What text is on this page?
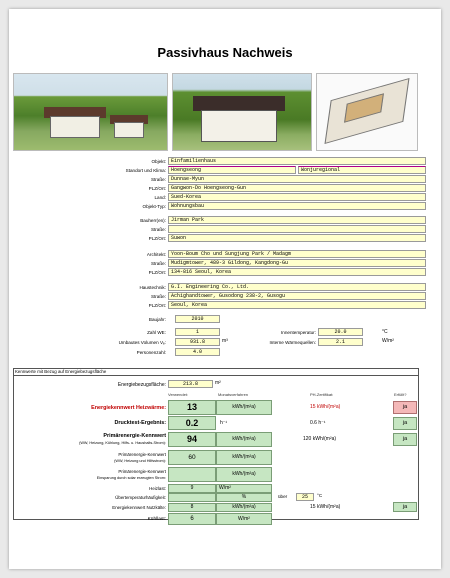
Passivhaus Nachweis
Objekt:	Einfamilienhaus
Standort und Klima:	Hoengseong	Wonjuregional
Straße:	Dunnae-Myun
PLZ/Ort:	Gangwon-Do Hoengseong-Gun
Land:	Sued-Korea
Objekt-Typ:	Wohnungsbau
Bauherr(en):	Jirman Park
Straße:
PLZ/Ort:	Suwon
Architekt:	Yoon-Boum Cho und Sungjung Park / Madagm
Straße:	Mudigmtower, 489-3 Gildong, Kangdong-Gu
PLZ/Ort:	134-816 Seoul, Korea
Haustechnik:	G.I. Engineering Co., Ltd.
Straße:	Achighandtower, Gusodong 238-2, Gusogu
PLZ/Ort:	Seoul, Korea
Baujahr:	2010
Zahl WE:	1	Innentemperatur:	20.0	°C
Umbautes Volumen Vₑ:	931.8	m³	Interne Wärmequellen:	2.1	W/m²
Personenzahl:	4.0
Kennwerte mit Bezug auf Energiebezugsfläche
Energiebezugsfläche:	213.8	m²
Verwendet:	Monatsverfahren	PH-Zertifikat:	Erfüllt?
Energiekennwert Heizwärme:	13	kWh/(m²a)	15 kWh/(m²a)	ja
Drucktest-Ergebnis:	0.2	h⁻¹	0.6 h⁻¹	ja
Primärenergie-Kennwert
(WW, Heizung, Kühlung, Hilfs- u. Haushalts-Strom):	94	kWh/(m²a)	120 kWh/(m²a)	ja
Primärenergie-Kennwert
(WW, Heizung und Hilfsstrom):	60	kWh/(m²a)
Primärenergie-Kennwert
Einsparung durch solar erzeugten Strom:
kWh/(m²a)
Heizlast:	9	W/m²
Übertemperaturhäufigkeit:	%	über	25	°C
Energiekennwert Nutzkälte:	8	kWh/(m²a)	15 kWh/(m²a)	ja
Kühllast:	6	W/m²
